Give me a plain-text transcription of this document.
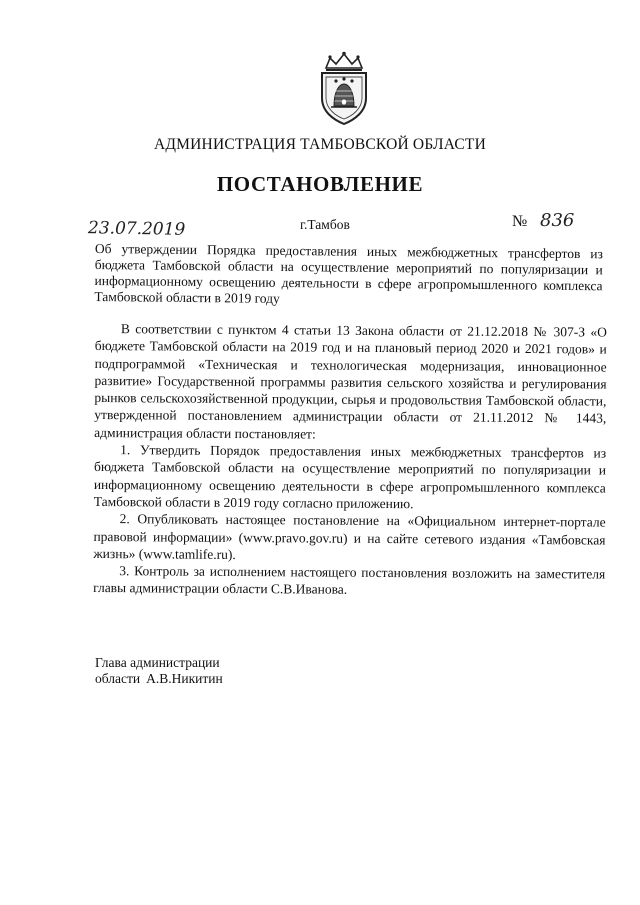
АДМИНИСТРАЦИЯ ТАМБОВСКОЙ ОБЛАСТИ
ПОСТАНОВЛЕНИЕ
23.07.2019	г.Тамбов	№ 836
Об утверждении Порядка предоставления иных межбюджетных трансфертов из бюджета Тамбовской области на осуществление мероприятий по популяризации и информационному освещению деятельности в сфере агропромышленного комплекса Тамбовской области в 2019 году

В соответствии с пунктом 4 статьи 13 Закона области от 21.12.2018 № 307-З «О бюджете Тамбовской области на 2019 год и на плановый период 2020 и 2021 годов» и подпрограммой «Техническая и технологическая модернизация, инновационное развитие» Государственной программы развития сельского хозяйства и регулирования рынков сельскохозяйственной продукции, сырья и продовольствия Тамбовской области, утвержденной постановлением администрации области от 21.11.2012 № 1443, администрация области постановляет:

1. Утвердить Порядок предоставления иных межбюджетных трансфертов из бюджета Тамбовской области на осуществление мероприятий по популяризации и информационному освещению деятельности в сфере агропромышленного комплекса Тамбовской области в 2019 году согласно приложению.

2. Опубликовать настоящее постановление на «Официальном интернет-портале правовой информации» (www.pravo.gov.ru) и на сайте сетевого издания «Тамбовская жизнь» (www.tamlife.ru).

3. Контроль за исполнением настоящего постановления возложить на заместителя главы администрации области С.В.Иванова.

Глава администрации
области А.В.Никитин
